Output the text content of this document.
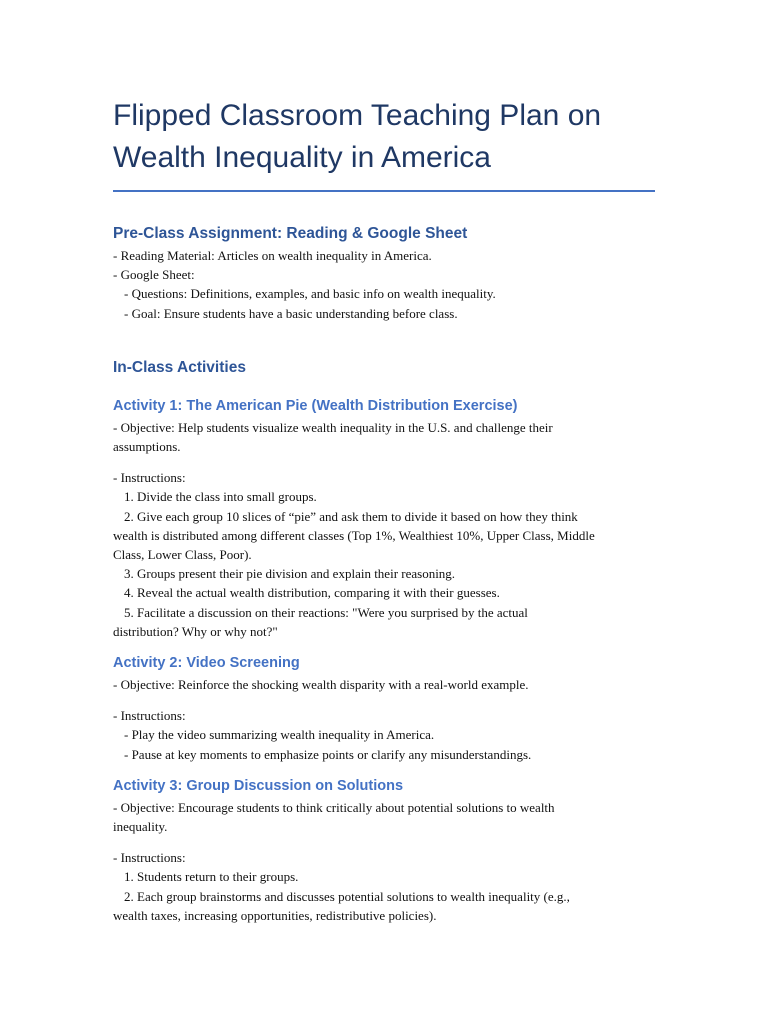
Flipped Classroom Teaching Plan on
Wealth Inequality in America
Pre-Class Assignment: Reading & Google Sheet

- Reading Material: Articles on wealth inequality in America.

- Google Sheet:

- Questions: Definitions, examples, and basic info on wealth inequality.

- Goal: Ensure students have a basic understanding before class.

In-Class Activities
Activity 1: The American Pie (Wealth Distribution Exercise)

- Objective: Help students visualize wealth inequality in the U.S. and challenge their

assumptions.

- Instructions:

1. Divide the class into small groups.

2. Give each group 10 slices of “pie” and ask them to divide it based on how they think

wealth is distributed among different classes (Top 1%, Wealthiest 10%, Upper Class, Middle

Class, Lower Class, Poor).

3. Groups present their pie division and explain their reasoning.

4. Reveal the actual wealth distribution, comparing it with their guesses.

5. Facilitate a discussion on their reactions: "Were you surprised by the actual

distribution? Why or why not?"

Activity 2: Video Screening

- Objective: Reinforce the shocking wealth disparity with a real-world example.

- Instructions:

- Play the video summarizing wealth inequality in America.

- Pause at key moments to emphasize points or clarify any misunderstandings.

Activity 3: Group Discussion on Solutions

- Objective: Encourage students to think critically about potential solutions to wealth

inequality.

- Instructions:

1. Students return to their groups.

2. Each group brainstorms and discusses potential solutions to wealth inequality (e.g.,

wealth taxes, increasing opportunities, redistributive policies).
